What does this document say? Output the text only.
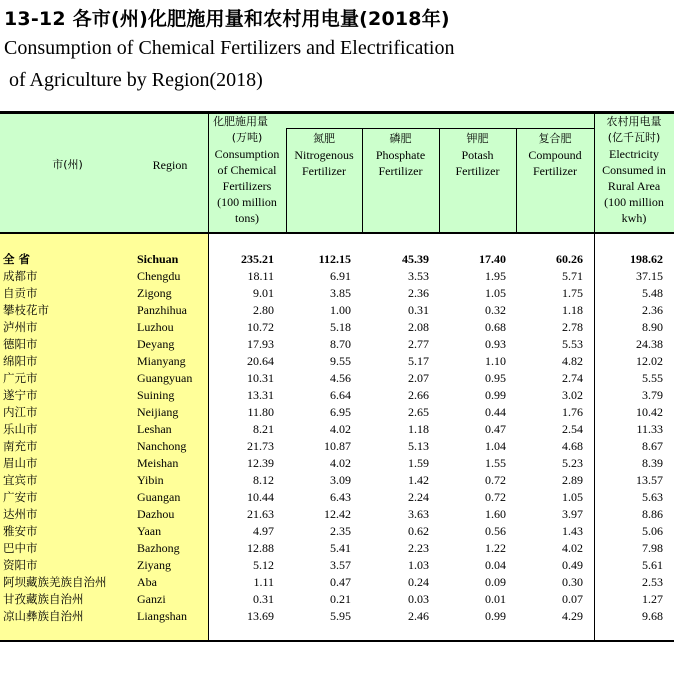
13-12 各市(州)化肥施用量和农村用电量(2018年)
Consumption of Chemical Fertilizers and Electrification
of Agriculture by Region(2018)
市(州)	Region
化肥施用量
(万吨)
Consumption
of Chemical
Fertilizers
(100 million
tons)
氮肥
Nitrogenous
Fertilizer
磷肥
Phosphate
Fertilizer
钾肥
Potash
Fertilizer
复合肥
Compound
Fertilizer
农村用电量
(亿千瓦时)
Electricity
Consumed in
Rural Area
(100 million
kwh)
全省	Sichuan	235.21	112.15	45.39	17.40	60.26	198.62
成都市	Chengdu	18.11	6.91	3.53	1.95	5.71	37.15
自贡市	Zigong	9.01	3.85	2.36	1.05	1.75	5.48
攀枝花市	Panzhihua	2.80	1.00	0.31	0.32	1.18	2.36
泸州市	Luzhou	10.72	5.18	2.08	0.68	2.78	8.90
德阳市	Deyang	17.93	8.70	2.77	0.93	5.53	24.38
绵阳市	Mianyang	20.64	9.55	5.17	1.10	4.82	12.02
广元市	Guangyuan	10.31	4.56	2.07	0.95	2.74	5.55
遂宁市	Suining	13.31	6.64	2.66	0.99	3.02	3.79
内江市	Neijiang	11.80	6.95	2.65	0.44	1.76	10.42
乐山市	Leshan	8.21	4.02	1.18	0.47	2.54	11.33
南充市	Nanchong	21.73	10.87	5.13	1.04	4.68	8.67
眉山市	Meishan	12.39	4.02	1.59	1.55	5.23	8.39
宜宾市	Yibin	8.12	3.09	1.42	0.72	2.89	13.57
广安市	Guangan	10.44	6.43	2.24	0.72	1.05	5.63
达州市	Dazhou	21.63	12.42	3.63	1.60	3.97	8.86
雅安市	Yaan	4.97	2.35	0.62	0.56	1.43	5.06
巴中市	Bazhong	12.88	5.41	2.23	1.22	4.02	7.98
资阳市	Ziyang	5.12	3.57	1.03	0.04	0.49	5.61
阿坝藏族羌族自治州	Aba	1.11	0.47	0.24	0.09	0.30	2.53
甘孜藏族自治州	Ganzi	0.31	0.21	0.03	0.01	0.07	1.27
凉山彝族自治州	Liangshan	13.69	5.95	2.46	0.99	4.29	9.68
